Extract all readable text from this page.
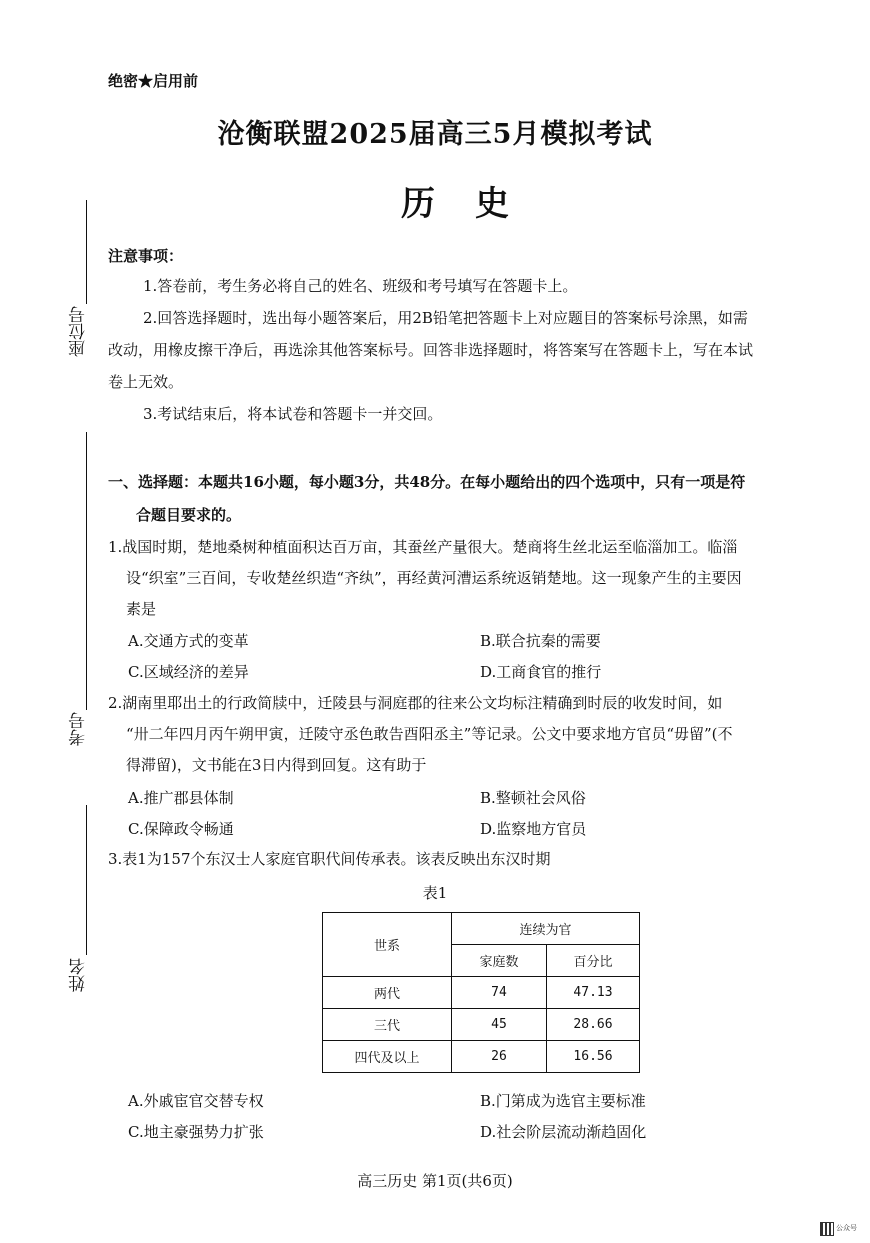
绝密★启用前
沧衡联盟2025届高三5月模拟考试
历史
座位号
考号
姓名
注意事项：
1.答卷前，考生务必将自己的姓名、班级和考号填写在答题卡上。
2.回答选择题时，选出每小题答案后，用2B铅笔把答题卡上对应题目的答案标号涂黑，如需
改动，用橡皮擦干净后，再选涂其他答案标号。回答非选择题时，将答案写在答题卡上，写在本试
卷上无效。
3.考试结束后，将本试卷和答题卡一并交回。
一、选择题：本题共16小题，每小题3分，共48分。在每小题给出的四个选项中，只有一项是符
合题目要求的。
1.战国时期，楚地桑树种植面积达百万亩，其蚕丝产量很大。楚商将生丝北运至临淄加工。临淄
设“织室”三百间，专收楚丝织造“齐纨”，再经黄河漕运系统返销楚地。这一现象产生的主要因
素是
A.交通方式的变革	B.联合抗秦的需要
C.区域经济的差异	D.工商食官的推行
2.湖南里耶出土的行政简牍中，迁陵县与洞庭郡的往来公文均标注精确到时辰的收发时间，如
“卅二年四月丙午朔甲寅，迁陵守丞色敢告酉阳丞主”等记录。公文中要求地方官员“毋留”(不
得滞留)，文书能在3日内得到回复。这有助于
A.推广郡县体制	B.整顿社会风俗
C.保障政令畅通	D.监察地方官员
3.表1为157个东汉士人家庭官职代间传承表。该表反映出东汉时期
表1
世系	连续为官	
	家庭数	百分比
两代	74	47.13
三代	45	28.66
四代及以上	26	16.56
A.外戚宦官交替专权	B.门第成为选官主要标准
C.地主豪强势力扩张	D.社会阶层流动渐趋固化
高三历史 第1页(共6页)
公众号
